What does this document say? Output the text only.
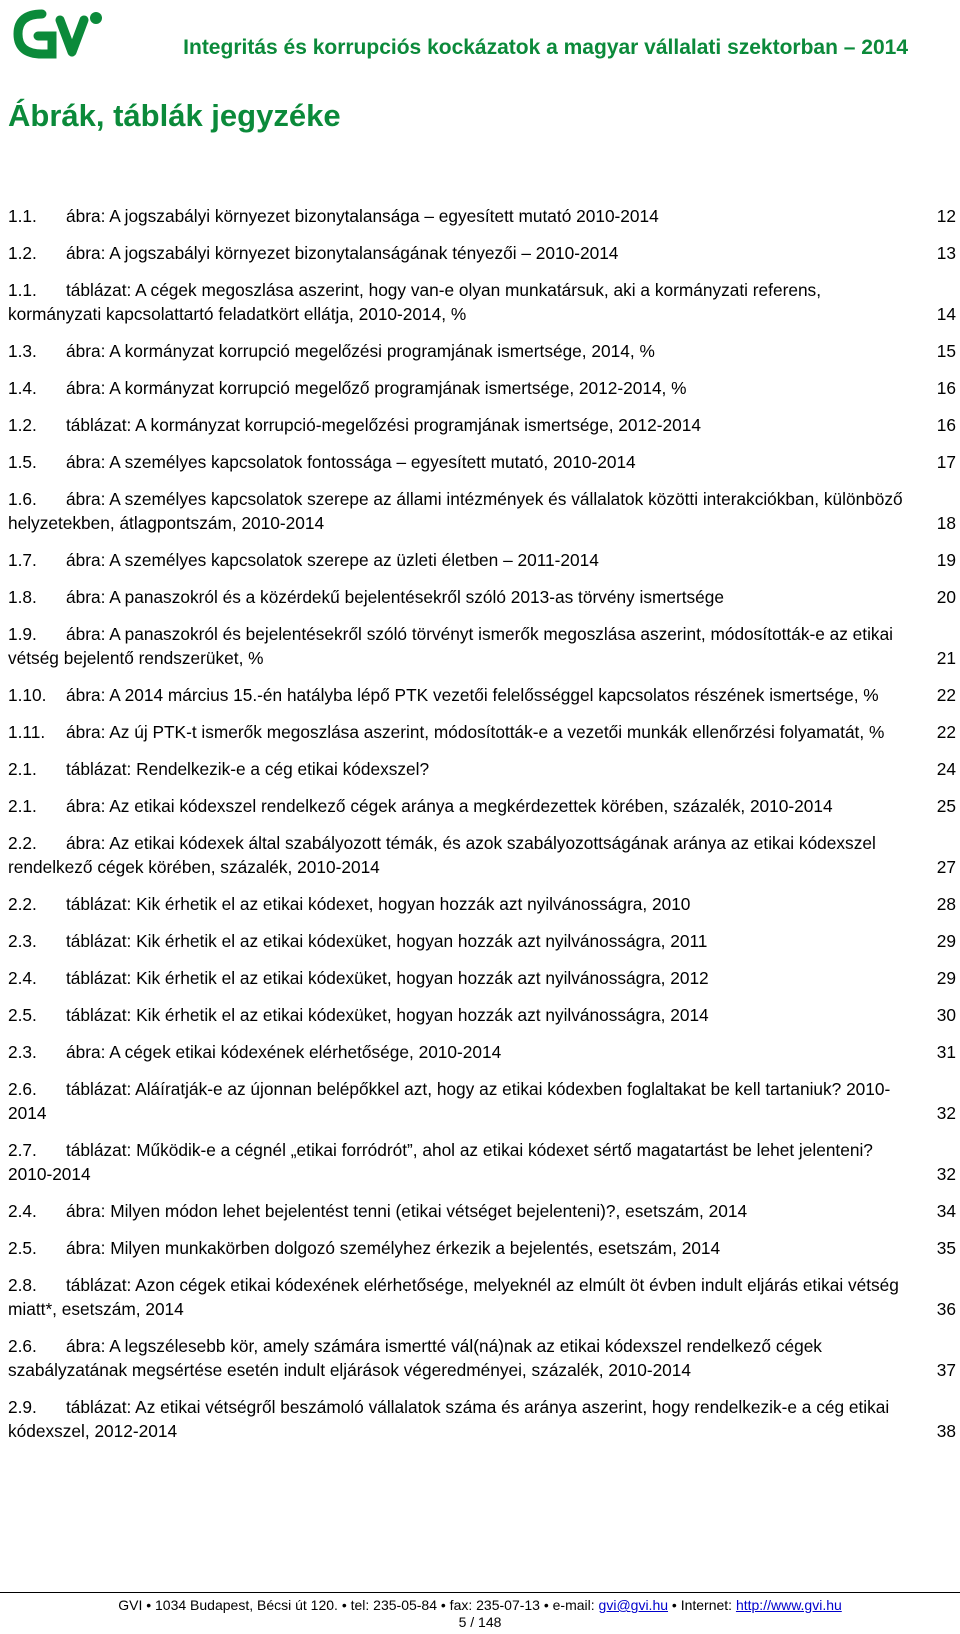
Integritás és korrupciós kockázatok a magyar vállalati szektorban – 2014
Ábrák, táblák jegyzéke
1.1. ábra: A jogszabályi környezet bizonytalansága – egyesített mutató 2010-2014	12
1.2. ábra: A jogszabályi környezet bizonytalanságának tényezői – 2010-2014	13
1.1. táblázat: A cégek megoszlása aszerint, hogy van-e olyan munkatársuk, aki a kormányzati referens, kormányzati kapcsolattartó feladatkört ellátja, 2010-2014, %	14
1.3. ábra: A kormányzat korrupció megelőzési programjának ismertsége, 2014, %	15
1.4. ábra: A kormányzat korrupció megelőző programjának ismertsége, 2012-2014, %	16
1.2. táblázat: A kormányzat korrupció-megelőzési programjának ismertsége, 2012-2014	16
1.5. ábra: A személyes kapcsolatok fontossága – egyesített mutató, 2010-2014	17
1.6. ábra: A személyes kapcsolatok szerepe az állami intézmények és vállalatok közötti interakciókban, különböző helyzetekben, átlagpontszám, 2010-2014	18
1.7. ábra: A személyes kapcsolatok szerepe az üzleti életben – 2011-2014	19
1.8. ábra: A panaszokról és a közérdekű bejelentésekről szóló 2013-as törvény ismertsége	20
1.9. ábra: A panaszokról és bejelentésekről szóló törvényt ismerők megoszlása aszerint, módosították-e az etikai vétség bejelentő rendszerüket, %	21
1.10. ábra: A 2014 március 15.-én hatályba lépő PTK vezetői felelősséggel kapcsolatos részének ismertsége, %	22
1.11. ábra: Az új PTK-t ismerők megoszlása aszerint, módosították-e a vezetői munkák ellenőrzési folyamatát, %	22
2.1. táblázat: Rendelkezik-e a cég etikai kódexszel?	24
2.1. ábra: Az etikai kódexszel rendelkező cégek aránya a megkérdezettek körében, százalék, 2010-2014	25
2.2. ábra: Az etikai kódexek által szabályozott témák, és azok szabályozottságának aránya az etikai kódexszel rendelkező cégek körében, százalék, 2010-2014	27
2.2. táblázat: Kik érhetik el az etikai kódexet, hogyan hozzák azt nyilvánosságra, 2010	28
2.3. táblázat: Kik érhetik el az etikai kódexüket, hogyan hozzák azt nyilvánosságra, 2011	29
2.4. táblázat: Kik érhetik el az etikai kódexüket, hogyan hozzák azt nyilvánosságra, 2012	29
2.5. táblázat: Kik érhetik el az etikai kódexüket, hogyan hozzák azt nyilvánosságra, 2014	30
2.3. ábra: A cégek etikai kódexének elérhetősége, 2010-2014	31
2.6. táblázat: Aláíratják-e az újonnan belépőkkel azt, hogy az etikai kódexben foglaltakat be kell tartaniuk? 2010-2014	32
2.7. táblázat: Működik-e a cégnél „etikai forródrót”, ahol az etikai kódexet sértő magatartást be lehet jelenteni? 2010-2014	32
2.4. ábra: Milyen módon lehet bejelentést tenni (etikai vétséget bejelenteni)?, esetszám, 2014	34
2.5. ábra: Milyen munkakörben dolgozó személyhez érkezik a bejelentés, esetszám, 2014	35
2.8. táblázat: Azon cégek etikai kódexének elérhetősége, melyeknél az elmúlt öt évben indult eljárás etikai vétség miatt*, esetszám, 2014	36
2.6. ábra: A legszélesebb kör, amely számára ismertté vál(ná)nak az etikai kódexszel rendelkező cégek szabályzatának megsértése esetén indult eljárások végeredményei, százalék, 2010-2014	37
2.9. táblázat: Az etikai vétségről beszámoló vállalatok száma és aránya aszerint, hogy rendelkezik-e a cég etikai kódexszel, 2012-2014	38
GVI • 1034 Budapest, Bécsi út 120. • tel: 235-05-84 • fax: 235-07-13 • e-mail: gvi@gvi.hu • Internet: http://www.gvi.hu
5 / 148
